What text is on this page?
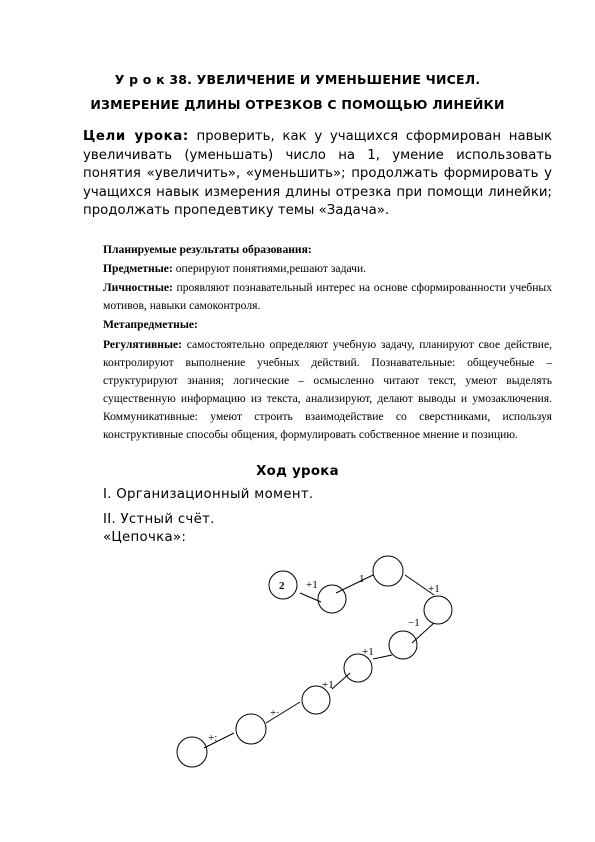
У р о к 38. УВЕЛИЧЕНИЕ И УМЕНЬШЕНИЕ ЧИСЕЛ.
ИЗМЕРЕНИЕ ДЛИНЫ ОТРЕЗКОВ С ПОМОЩЬЮ ЛИНЕЙКИ
Цели урока: проверить, как у учащихся сформирован навык увеличивать (уменьшать) число на 1, умение использовать понятия «увеличить», «уменьшить»; продолжать формировать у учащихся навык измерения длины отрезка при помощи линейки; продолжать пропедевтику темы «Задача».
Планируемые результаты образования:
Предметные: оперируют понятиями,решают задачи.
Личностные: проявляют познавательный интерес на основе сформированности учебных мотивов, навыки самоконтроля.
Метапредметные:
Регулятивные: самостоятельно определяют учебную задачу, планируют свое действие, контролируют выполнение учебных действий. Познавательные: общеучебные – структурируют знания; логические – осмысленно читают текст, умеют выделять существенную информацию из текста, анализируют, делают выводы и умозаключения. Коммуникативные: умеют строить взаимодействие со сверстниками, используя конструктивные способы общения, формулировать собственное мнение и позицию.
Ход урока
I. Организационный момент.
II. Устный счёт.
«Цепочка»:
2 +1	1
+1
−1
+1
+1
+·
+:
